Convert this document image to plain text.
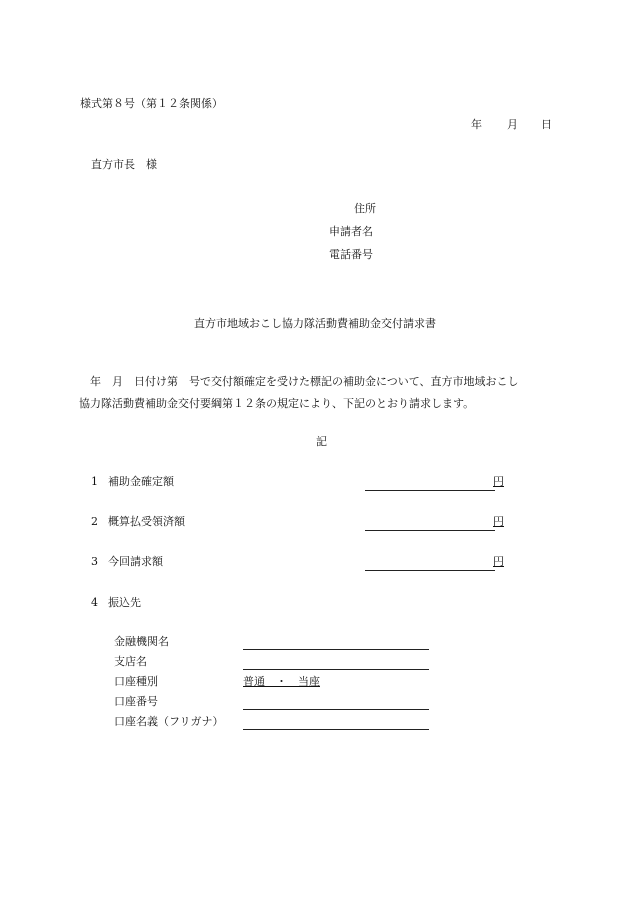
様式第８号（第１２条関係）
年 月 日
直方市長　様
住所
申請者名
電話番号
直方市地域おこし協力隊活動費補助金交付請求書
年　月　日付け第　号で交付額確定を受けた標記の補助金について、直方市地域おこし
協力隊活動費補助金交付要綱第１２条の規定により、下記のとおり請求します。
記
1 補助金確定額	円
2 概算払受領済額	円
3 今回請求額	円
4 振込先
金融機関名
支店名
口座種別	普通　・　当座
口座番号
口座名義（フリガナ）
